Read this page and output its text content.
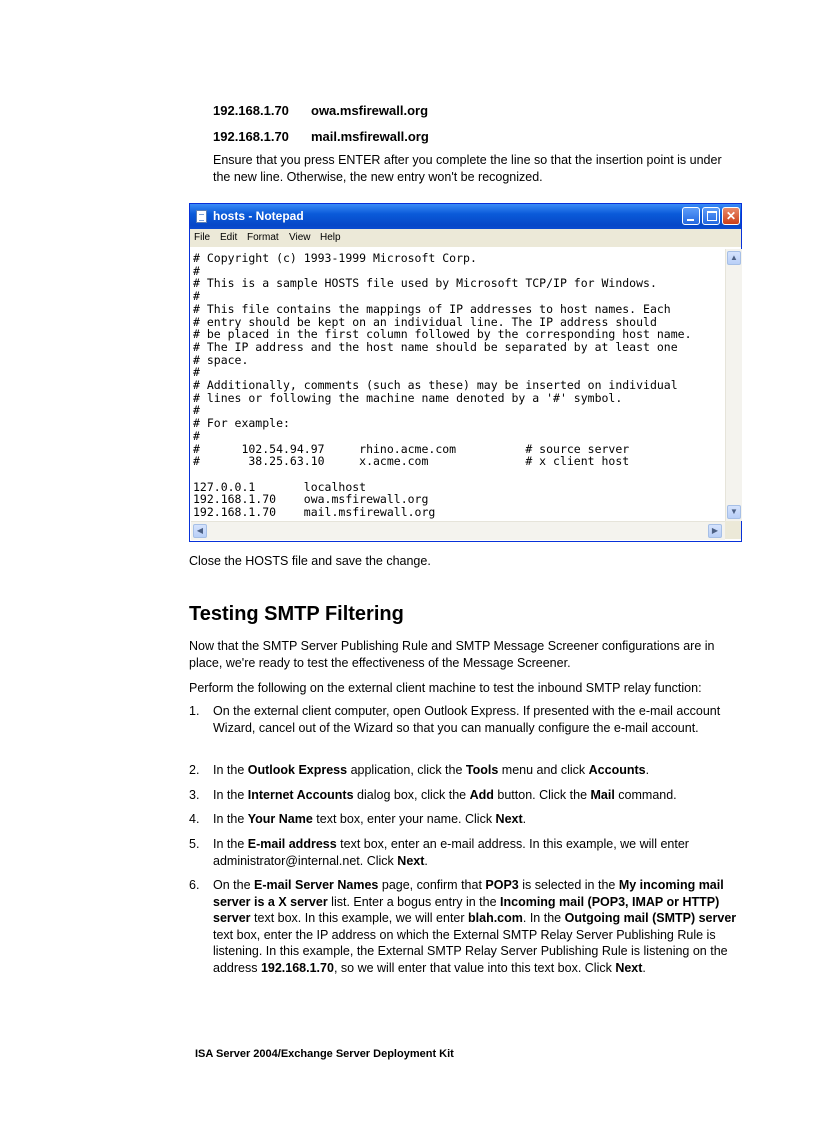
192.168.1.70 owa.msfirewall.org
192.168.1.70 mail.msfirewall.org
Ensure that you press ENTER after you complete the line so that the insertion point is under the new line. Otherwise, the new entry won't be recognized.
hosts - Notepad	✕
File Edit Format View Help
# Copyright (c) 1993-1999 Microsoft Corp.
#
# This is a sample HOSTS file used by Microsoft TCP/IP for Windows.
#
# This file contains the mappings of IP addresses to host names. Each
# entry should be kept on an individual line. The IP address should
# be placed in the first column followed by the corresponding host name.
# The IP address and the host name should be separated by at least one
# space.
#
# Additionally, comments (such as these) may be inserted on individual
# lines or following the machine name denoted by a '#' symbol.
#
# For example:
#
#      102.54.94.97     rhino.acme.com          # source server
#       38.25.63.10     x.acme.com              # x client host

127.0.0.1       localhost
192.168.1.70    owa.msfirewall.org
192.168.1.70    mail.msfirewall.org
▲
▼
◀	▶
Close the HOSTS file and save the change.
Testing SMTP Filtering
Now that the SMTP Server Publishing Rule and SMTP Message Screener configurations are in place, we're ready to test the effectiveness of the Message Screener.
Perform the following on the external client machine to test the inbound SMTP relay function:
1. On the external client computer, open Outlook Express. If presented with the e-mail account Wizard, cancel out of the Wizard so that you can manually configure the e-mail account.
2. In the Outlook Express application, click the Tools menu and click Accounts.
3. In the Internet Accounts dialog box, click the Add button. Click the Mail command.
4. In the Your Name text box, enter your name. Click Next.
5. In the E-mail address text box, enter an e-mail address. In this example, we will enter administrator@internal.net. Click Next.
6. On the E-mail Server Names page, confirm that POP3 is selected in the My incoming mail server is a X server list. Enter a bogus entry in the Incoming mail (POP3, IMAP or HTTP) server text box. In this example, we will enter blah.com. In the Outgoing mail (SMTP) server text box, enter the IP address on which the External SMTP Relay Server Publishing Rule is listening. In this example, the External SMTP Relay Server Publishing Rule is listening on the address 192.168.1.70, so we will enter that value into this text box. Click Next.
ISA Server 2004/Exchange Server Deployment Kit
